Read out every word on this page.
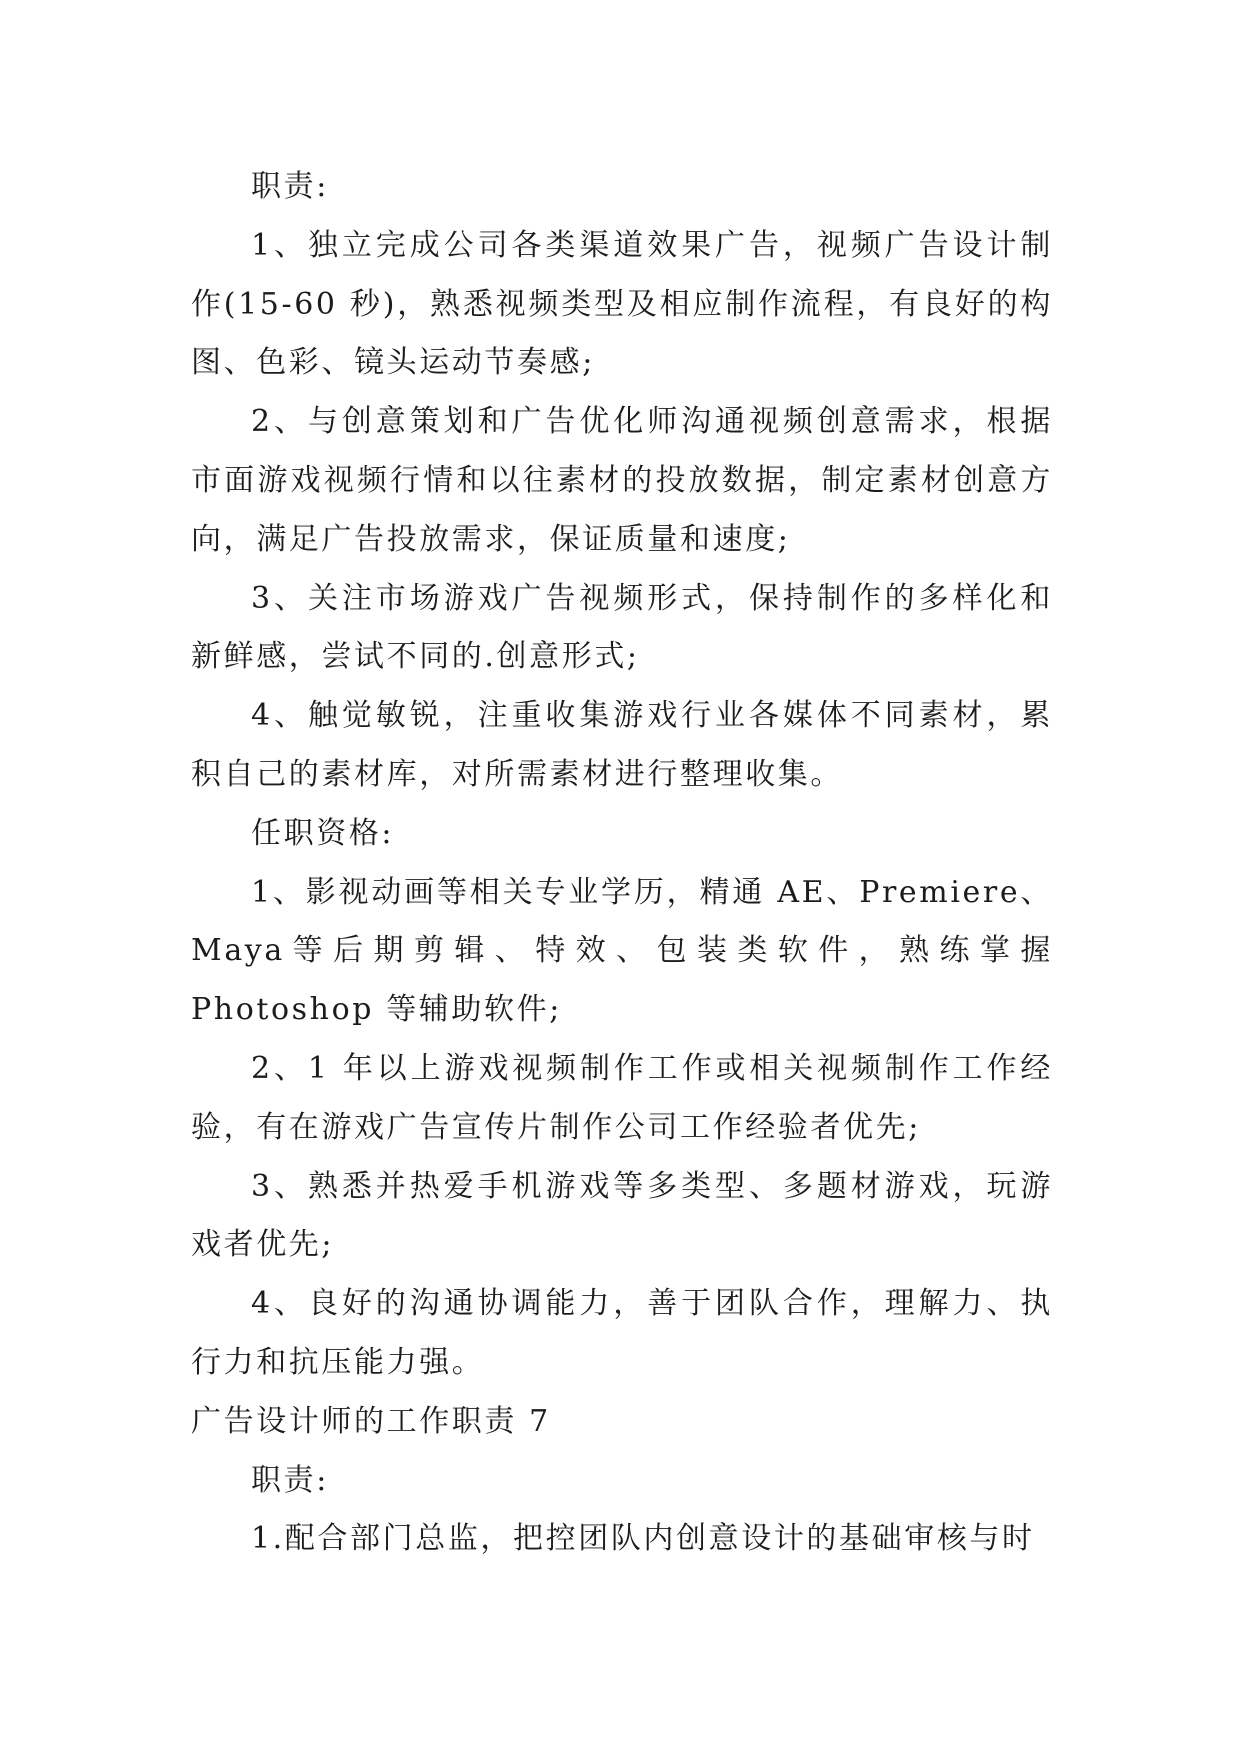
职责:

1、独立完成公司各类渠道效果广告，视频广告设计制作(15-60 秒)，熟悉视频类型及相应制作流程，有良好的构图、色彩、镜头运动节奏感;

2、与创意策划和广告优化师沟通视频创意需求，根据市面游戏视频行情和以往素材的投放数据，制定素材创意方向，满足广告投放需求，保证质量和速度;

3、关注市场游戏广告视频形式，保持制作的多样化和新鲜感，尝试不同的.创意形式;

4、触觉敏锐，注重收集游戏行业各媒体不同素材，累积自己的素材库，对所需素材进行整理收集。

任职资格:

1、影视动画等相关专业学历，精通 AE、Premiere、Maya等后期剪辑、特效、包装类软件，熟练掌握 Photoshop 等辅助软件;

2、1 年以上游戏视频制作工作或相关视频制作工作经验，有在游戏广告宣传片制作公司工作经验者优先;

3、熟悉并热爱手机游戏等多类型、多题材游戏，玩游戏者优先;

4、良好的沟通协调能力，善于团队合作，理解力、执行力和抗压能力强。

广告设计师的工作职责 7

职责:

1.配合部门总监，把控团队内创意设计的基础审核与时
